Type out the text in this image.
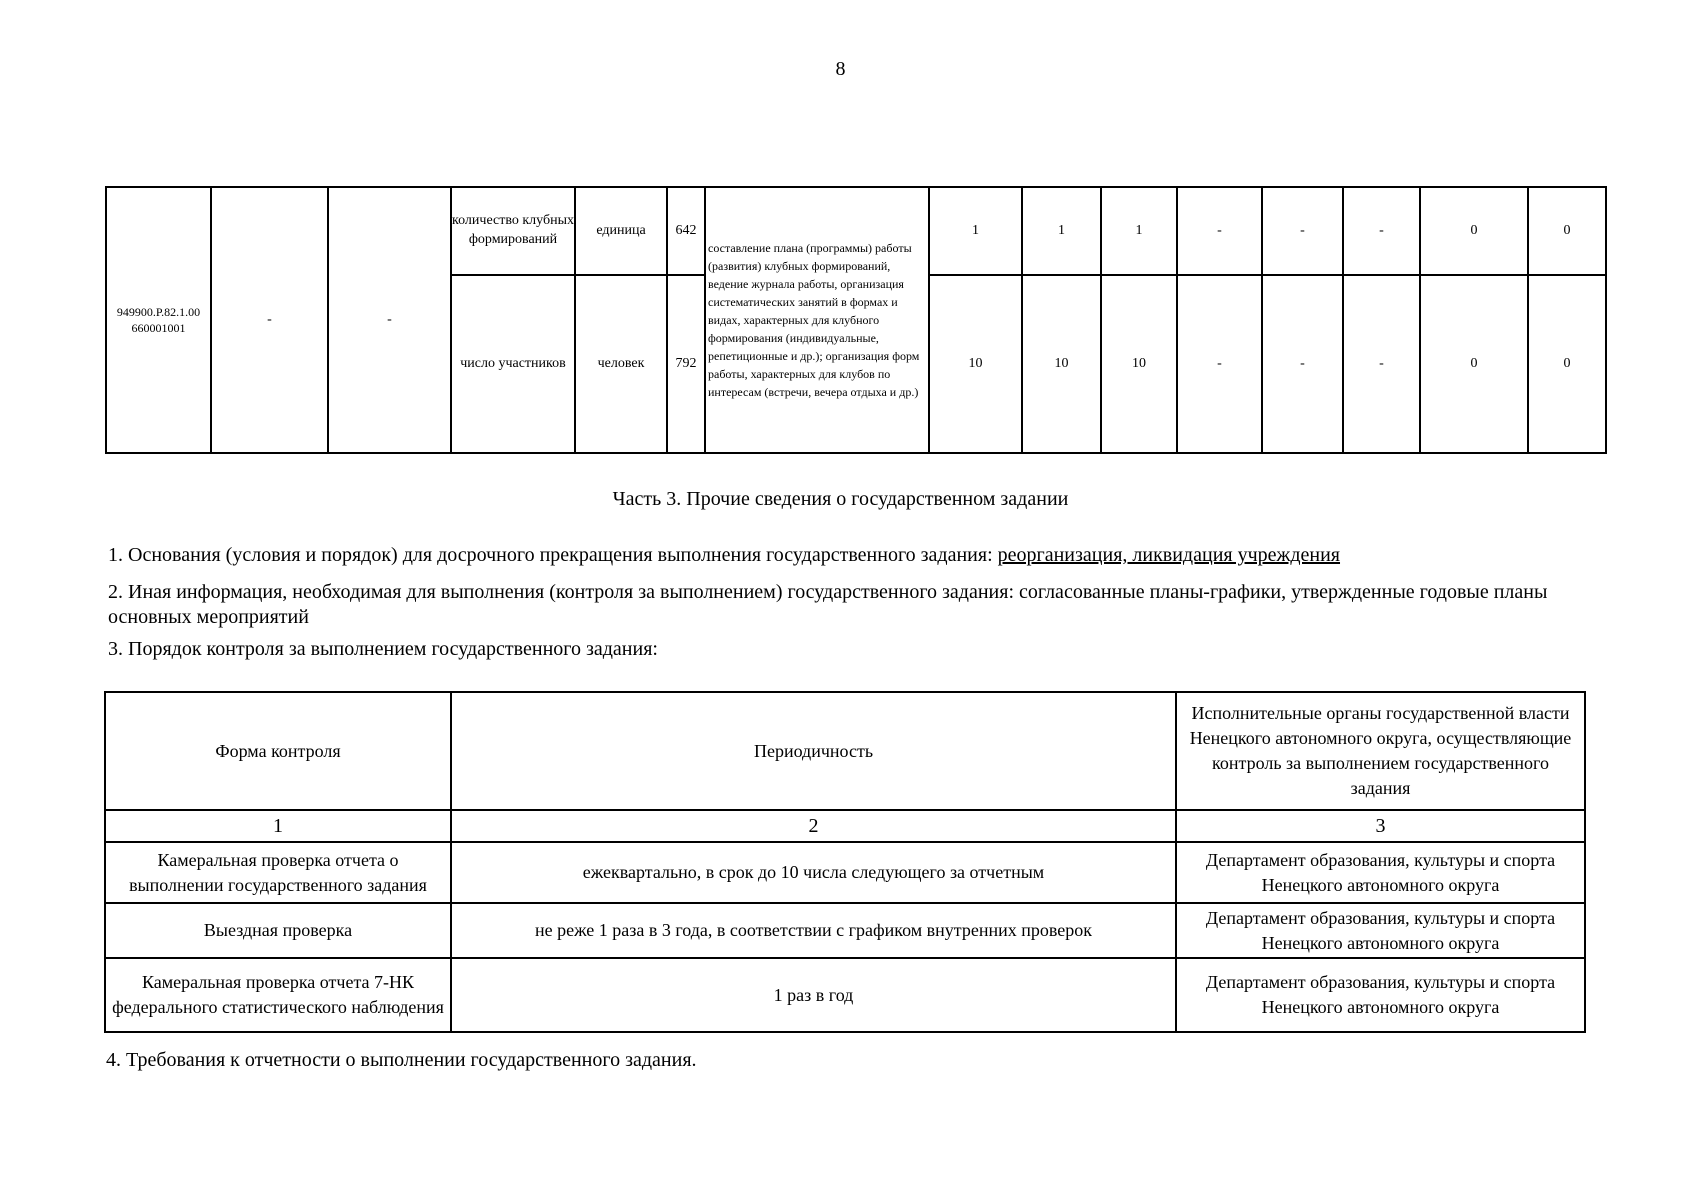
8
949900.Р.82.1.00 660001001	-	-	количество клубных формирований	единица	642	составление плана (программы) работы (развития) клубных формирований, ведение журнала работы, организация систематических занятий в формах и видах, характерных для клубного формирования (индивидуальные, репетиционные и др.); организация форм работы, характерных для клубов по интересам (встречи, вечера отдыха и др.)	1	1	1	-	-	-	0	0
			число участников	человек	792		10	10	10	-	-	-	0	0
Часть 3. Прочие сведения о государственном задании
1. Основания (условия и порядок) для досрочного прекращения выполнения государственного задания: реорганизация, ликвидация учреждения
2. Иная информация, необходимая для выполнения (контроля за выполнением) государственного задания: согласованные планы-графики, утвержденные годовые планы основных мероприятий
3. Порядок контроля за выполнением государственного задания:
Форма контроля	Периодичность	Исполнительные органы государственной власти Ненецкого автономного округа, осуществляющие контроль за выполнением государственного задания
1	2	3
Камеральная проверка отчета о выполнении государственного задания	ежеквартально, в срок до 10 числа следующего за отчетным	Департамент образования, культуры и спорта Ненецкого автономного округа
Выездная проверка	не реже 1 раза в 3 года, в соответствии с графиком внутренних проверок	Департамент образования, культуры и спорта Ненецкого автономного округа
Камеральная проверка отчета 7-НК федерального статистического наблюдения	1 раз в год	Департамент образования, культуры и спорта Ненецкого автономного округа
4. Требования к отчетности о выполнении государственного задания.
